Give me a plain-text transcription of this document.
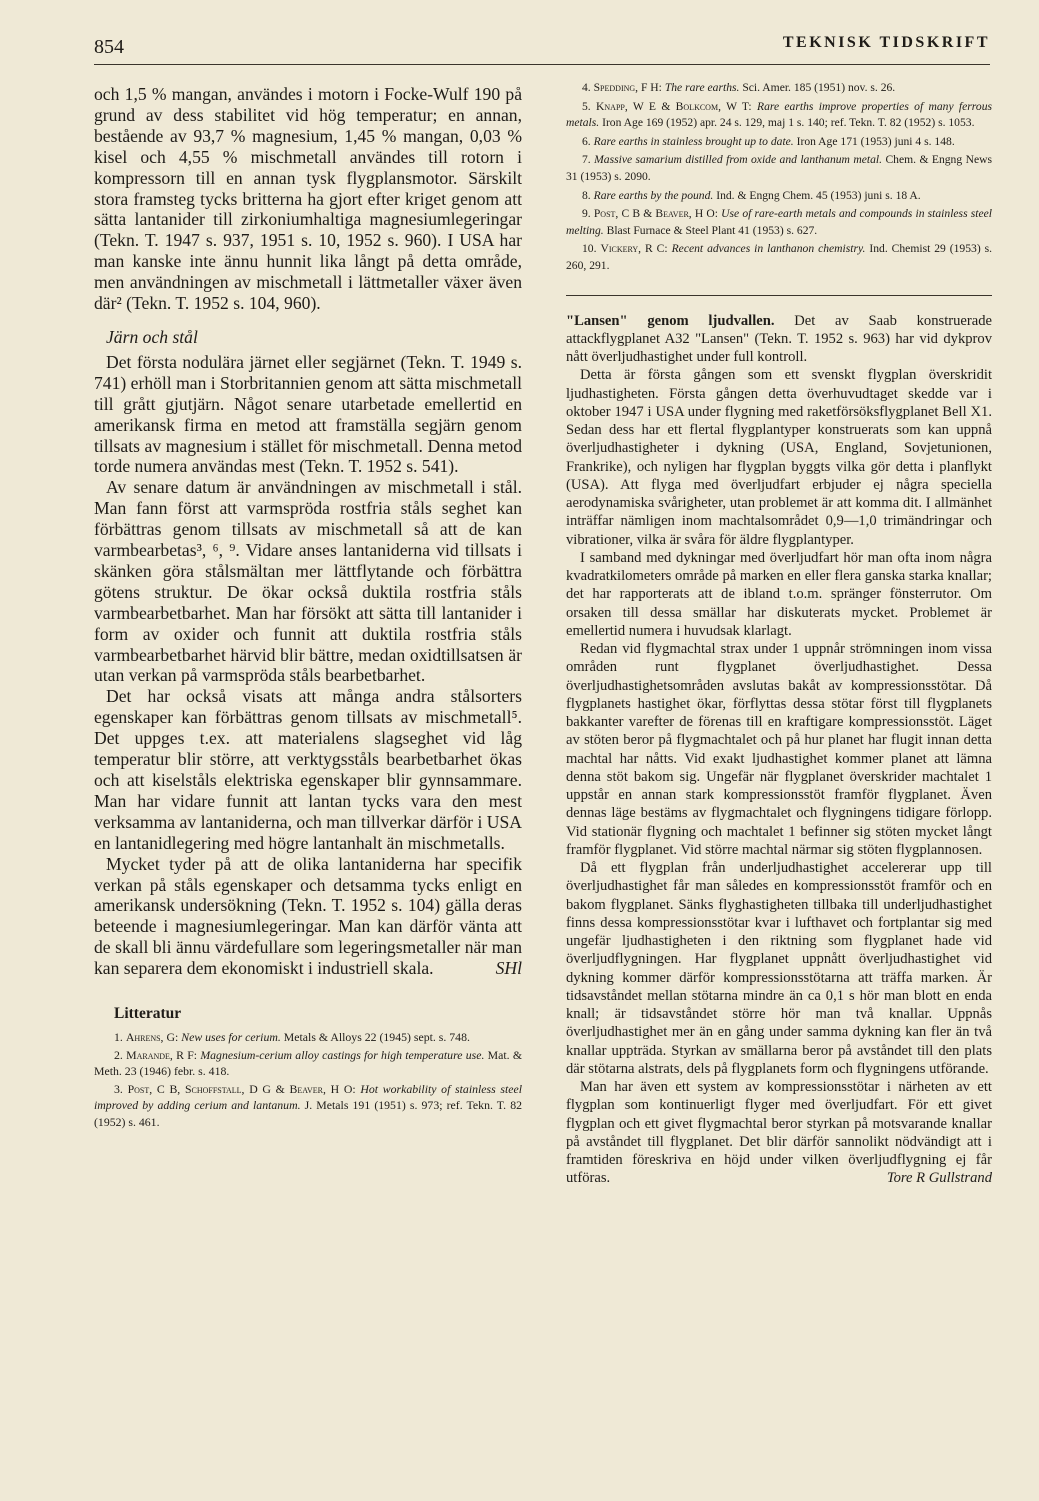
854	TEKNISK TIDSKRIFT

och 1,5 % mangan, användes i motorn i Focke-Wulf 190 på grund av dess stabilitet vid hög temperatur; en annan, bestående av 93,7 % magnesium, 1,45 % mangan, 0,03 % kisel och 4,55 % mischmetall användes till rotorn i kompressorn till en annan tysk flygplansmotor. Särskilt stora framsteg tycks britterna ha gjort efter kriget genom att sätta lantanider till zirkoniumhaltiga magnesiumlegeringar (Tekn. T. 1947 s. 937, 1951 s. 10, 1952 s. 960). I USA har man kanske inte ännu hunnit lika långt på detta område, men användningen av mischmetall i lättmetaller växer även där² (Tekn. T. 1952 s. 104, 960).

Järn och stål

Det första nodulära järnet eller segjärnet (Tekn. T. 1949 s. 741) erhöll man i Storbritannien genom att sätta mischmetall till grått gjutjärn. Något senare utarbetade emellertid en amerikansk firma en metod att framställa segjärn genom tillsats av magnesium i stället för mischmetall. Denna metod torde numera användas mest (Tekn. T. 1952 s. 541).

Av senare datum är användningen av mischmetall i stål. Man fann först att varmspröda rostfria ståls seghet kan förbättras genom tillsats av mischmetall så att de kan varmbearbetas³, ⁶, ⁹. Vidare anses lantaniderna vid tillsats i skänken göra stålsmältan mer lättflytande och förbättra götens struktur. De ökar också duktila rostfria ståls varmbearbetbarhet. Man har försökt att sätta till lantanider i form av oxider och funnit att duktila rostfria ståls varmbearbetbarhet härvid blir bättre, medan oxidtillsatsen är utan verkan på varmspröda ståls bearbetbarhet.

Det har också visats att många andra stålsorters egenskaper kan förbättras genom tillsats av mischmetall⁵. Det uppges t.ex. att materialens slagseghet vid låg temperatur blir större, att verktygsståls bearbetbarhet ökas och att kiselståls elektriska egenskaper blir gynnsammare. Man har vidare funnit att lantan tycks vara den mest verksamma av lantaniderna, och man tillverkar därför i USA en lantanidlegering med högre lantanhalt än mischmetalls.

Mycket tyder på att de olika lantaniderna har specifik verkan på ståls egenskaper och detsamma tycks enligt en amerikansk undersökning (Tekn. T. 1952 s. 104) gälla deras beteende i magnesiumlegeringar. Man kan därför vänta att de skall bli ännu värdefullare som legeringsmetaller när man kan separera dem ekonomiskt i industriell skala.	SHl

Litteratur
1. Ahrens, G: New uses for cerium. Metals & Alloys 22 (1945) sept. s. 748.
2. Marande, R F: Magnesium-cerium alloy castings for high temperature use. Mat. & Meth. 23 (1946) febr. s. 418.
3. Post, C B, Schoffstall, D G & Beaver, H O: Hot workability of stainless steel improved by adding cerium and lantanum. J. Metals 191 (1951) s. 973; ref. Tekn. T. 82 (1952) s. 461.
4. Spedding, F H: The rare earths. Sci. Amer. 185 (1951) nov. s. 26.
5. Knapp, W E & Bolkcom, W T: Rare earths improve properties of many ferrous metals. Iron Age 169 (1952) apr. 24 s. 129, maj 1 s. 140; ref. Tekn. T. 82 (1952) s. 1053.
6. Rare earths in stainless brought up to date. Iron Age 171 (1953) juni 4 s. 148.
7. Massive samarium distilled from oxide and lanthanum metal. Chem. & Engng News 31 (1953) s. 2090.
8. Rare earths by the pound. Ind. & Engng Chem. 45 (1953) juni s. 18 A.
9. Post, C B & Beaver, H O: Use of rare-earth metals and compounds in stainless steel melting. Blast Furnace & Steel Plant 41 (1953) s. 627.
10. Vickery, R C: Recent advances in lanthanon chemistry. Ind. Chemist 29 (1953) s. 260, 291.

"Lansen" genom ljudvallen. Det av Saab konstruerade attackflygplanet A32 "Lansen" (Tekn. T. 1952 s. 963) har vid dykprov nått överljudhastighet under full kontroll.

Detta är första gången som ett svenskt flygplan överskridit ljudhastigheten. Första gången detta överhuvudtaget skedde var i oktober 1947 i USA under flygning med raketförsöksflygplanet Bell X1. Sedan dess har ett flertal flygplantyper konstruerats som kan uppnå överljudhastigheter i dykning (USA, England, Sovjetunionen, Frankrike), och nyligen har flygplan byggts vilka gör detta i planflykt (USA). Att flyga med överljudfart erbjuder ej några speciella aerodynamiska svårigheter, utan problemet är att komma dit. I allmänhet inträffar nämligen inom machtalsområdet 0,9—1,0 trimändringar och vibrationer, vilka är svåra för äldre flygplantyper.

I samband med dykningar med överljudfart hör man ofta inom några kvadratkilometers område på marken en eller flera ganska starka knallar; det har rapporterats att de ibland t.o.m. spränger fönsterrutor. Om orsaken till dessa smällar har diskuterats mycket. Problemet är emellertid numera i huvudsak klarlagt.

Redan vid flygmachtal strax under 1 uppnår strömningen inom vissa områden runt flygplanet överljudhastighet. Dessa överljudhastighetsområden avslutas bakåt av kompressionsstötar. Då flygplanets hastighet ökar, förflyttas dessa stötar först till flygplanets bakkanter varefter de förenas till en kraftigare kompressionsstöt. Läget av stöten beror på flygmachtalet och på hur planet har flugit innan detta machtal har nåtts. Vid exakt ljudhastighet kommer planet att lämna denna stöt bakom sig. Ungefär när flygplanet överskrider machtalet 1 uppstår en annan stark kompressionsstöt framför flygplanet. Även dennas läge bestäms av flygmachtalet och flygningens tidigare förlopp. Vid stationär flygning och machtalet 1 befinner sig stöten mycket långt framför flygplanet. Vid större machtal närmar sig stöten flygplannosen.

Då ett flygplan från underljudhastighet accelererar upp till överljudhastighet får man således en kompressionsstöt framför och en bakom flygplanet. Sänks flyghastigheten tillbaka till underljudhastighet finns dessa kompressionsstötar kvar i lufthavet och fortplantar sig med ungefär ljudhastigheten i den riktning som flygplanet hade vid överljudflygningen. Har flygplanet uppnått överljudhastighet vid dykning kommer därför kompressionsstötarna att träffa marken. Är tidsavståndet mellan stötarna mindre än ca 0,1 s hör man blott en enda knall; är tidsavståndet större hör man två knallar. Uppnås överljudhastighet mer än en gång under samma dykning kan fler än två knallar uppträda. Styrkan av smällarna beror på avståndet till den plats där stötarna alstrats, dels på flygplanets form och flygningens utförande.

Man har även ett system av kompressionsstötar i närheten av ett flygplan som kontinuerligt flyger med överljudfart. För ett givet flygplan och ett givet flygmachtal beror styrkan på motsvarande knallar på avståndet till flygplanet. Det blir därför sannolikt nödvändigt att i framtiden föreskriva en höjd under vilken överljudflygning ej får utföras.	Tore R Gullstrand
